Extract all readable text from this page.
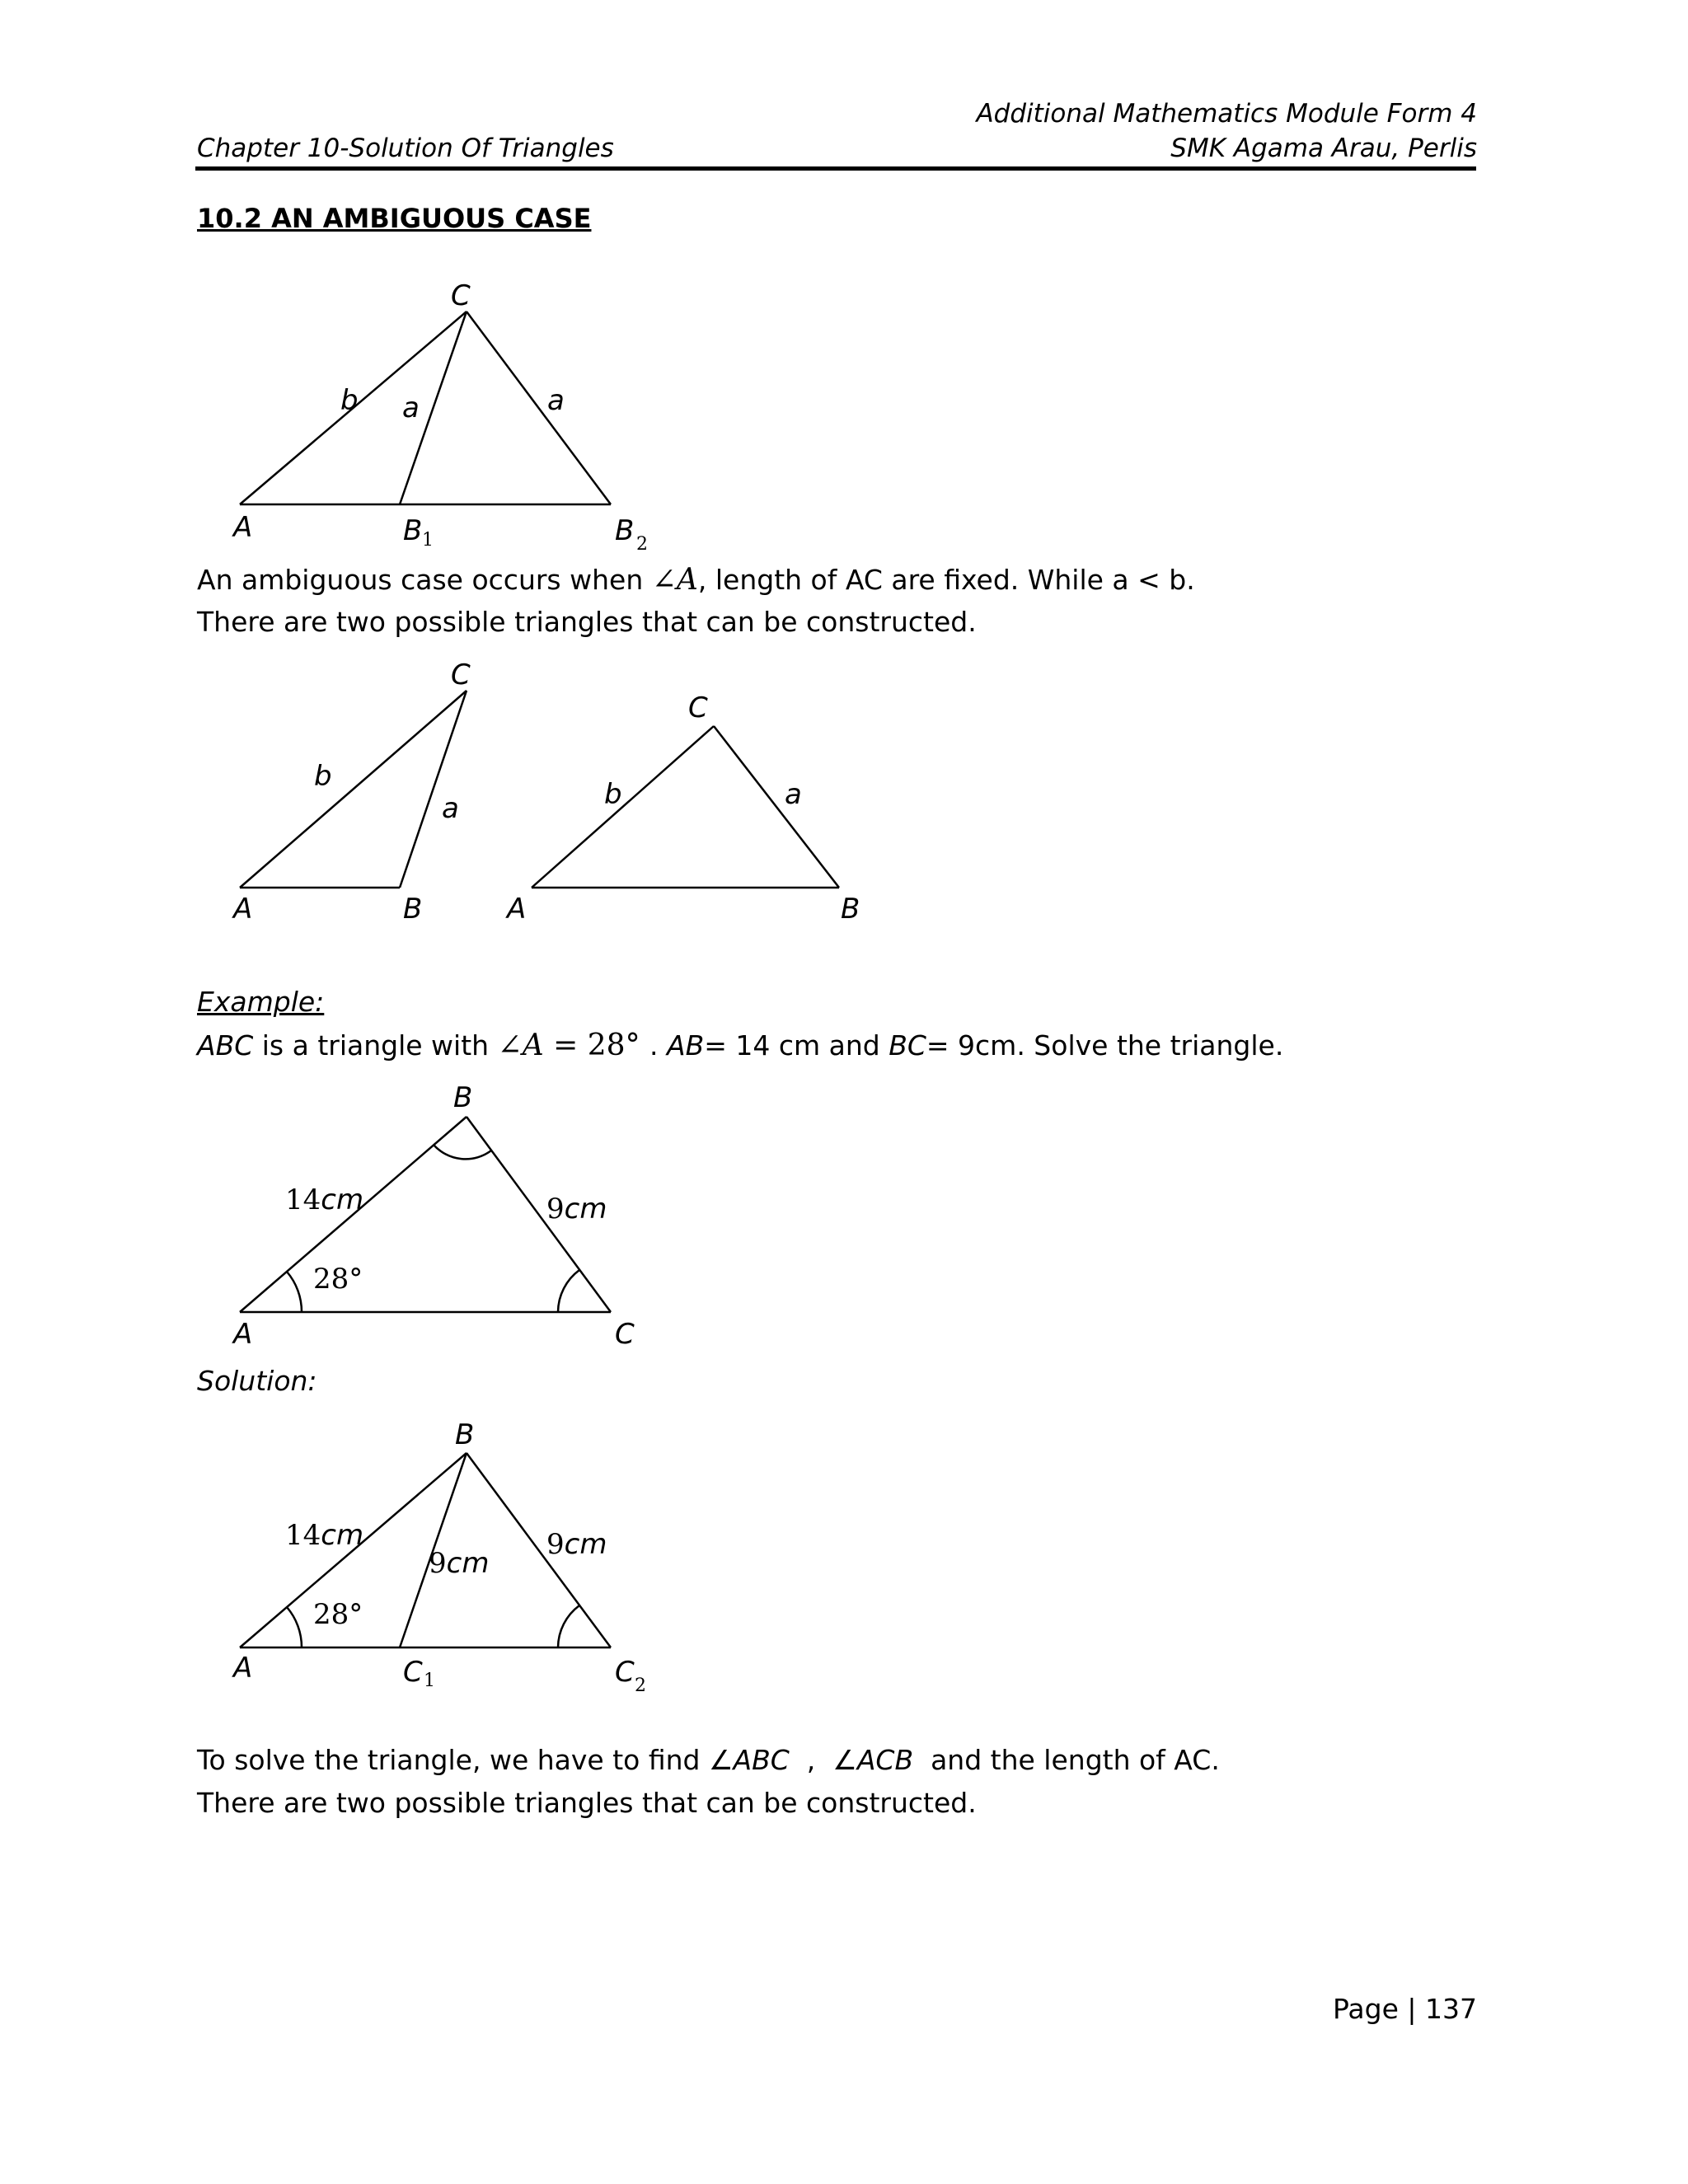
Additional Mathematics Module Form 4
Chapter 10-Solution Of Triangles	SMK Agama Arau, Perlis
10.2 AN AMBIGUOUS CASE
C
b a	a
A	B 1	B 2
An ambiguous case occurs when ∠A, length of AC are fixed. While a < b.
There are two possible triangles that can be constructed.
C
b
a
A	B
C
b	a
A	B
Example:
ABC is a triangle with ∠A = 28° . AB= 14 cm and BC= 9cm. Solve the triangle.
B
14cm	9cm
28°
A	C
Solution:
B
14cm	9cm
9cm
28°
A	C 1	C 2
To solve the triangle, we have to find ∠ABC  ,  ∠ACB  and the length of AC.
There are two possible triangles that can be constructed.
Page | 137
